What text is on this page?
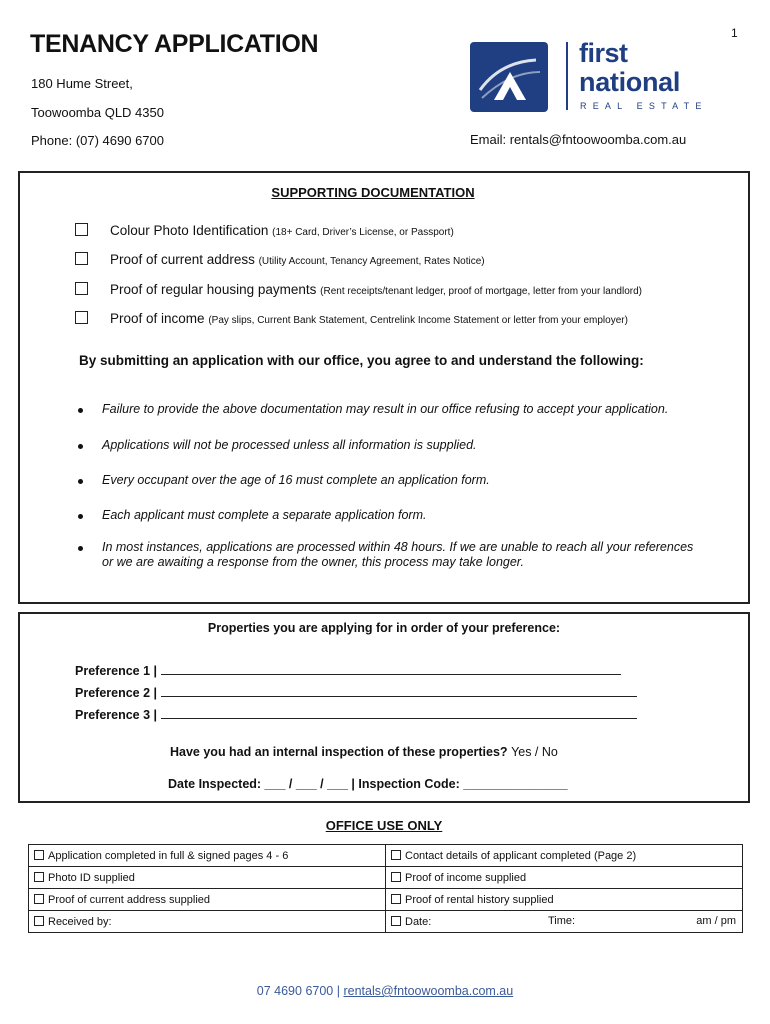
1
TENANCY APPLICATION
180 Hume Street,
Toowoomba QLD 4350
Phone: (07) 4690 6700	Email: rentals@fntoowoomba.com.au
first
national
REAL ESTATE
SUPPORTING DOCUMENTATION
Colour Photo Identification (18+ Card, Driver’s License, or Passport)
Proof of current address (Utility Account, Tenancy Agreement, Rates Notice)
Proof of regular housing payments (Rent receipts/tenant ledger, proof of mortgage, letter from your landlord)
Proof of income (Pay slips, Current Bank Statement, Centrelink Income Statement or letter from your employer)
By submitting an application with our office, you agree to and understand the following:
Failure to provide the above documentation may result in our office refusing to accept your application.
Applications will not be processed unless all information is supplied.
Every occupant over the age of 16 must complete an application form.
Each applicant must complete a separate application form.
In most instances, applications are processed within 48 hours. If we are unable to reach all your references or we are awaiting a response from the owner, this process may take longer.
Properties you are applying for in order of your preference:
Preference 1 |
Preference 2 |
Preference 3 |
Have you had an internal inspection of these properties? Yes / No
Date Inspected: ___ / ___ / ___ | Inspection Code: _______________
OFFICE USE ONLY
Application completed in full & signed pages 4 - 6	Contact details of applicant completed (Page 2)
Photo ID supplied	Proof of income supplied
Proof of current address supplied	Proof of rental history supplied
Received by:	Date: Time: am / pm
07 4690 6700 | rentals@fntoowoomba.com.au
